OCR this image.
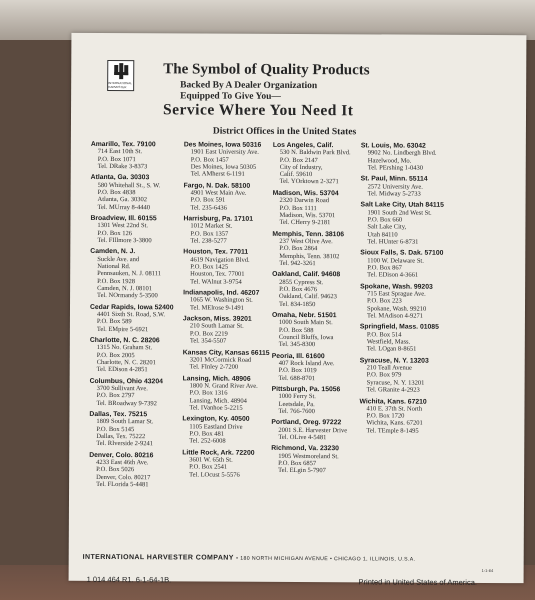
INTERNATIONAL HARVESTER
The Symbol of Quality Products
Backed By A Dealer Organization
Equipped To Give You—
Service Where You Need It
District Offices in the United States
Amarillo, Tex. 79100
714 East 10th St.
P.O. Box 1071
Tel. DRake 3-8373
Atlanta, Ga. 30303
580 Whitehall St., S. W.
P.O. Box 4838
Atlanta, Ga. 30302
Tel. MUrray 8-4440
Broadview, Ill. 60155
1301 West 22nd St.
P.O. Box 126
Tel. FIllmore 3-3800
Camden, N. J.
Suckle Ave. and
National Rd.
Pennsauken, N. J. 08111
P.O. Box 1928
Camden, N. J. 08101
Tel. NOrmandy 5-3500
Cedar Rapids, Iowa 52400
4401 Sixth St. Road, S.W.
P.O. Box 589
Tel. EMpire 5-6921
Charlotte, N. C. 28206
1315 No. Graham St.
P.O. Box 2005
Charlotte, N. C. 28201
Tel. EDison 4-2851
Columbus, Ohio 43204
3700 Sullivant Ave.
P.O. Box 2797
Tel. BRoadway 9-7392
Dallas, Tex. 75215
1809 South Lamar St.
P.O. Box 5145
Dallas, Tex. 75222
Tel. RIverside 2-9241
Denver, Colo. 80216
4233 East 46th Ave.
P.O. Box 5026
Denver, Colo. 80217
Tel. FLorida 5-4481
Des Moines, Iowa 50316
1901 East University Ave.
P.O. Box 1457
Des Moines, Iowa 50305
Tel. AMherst 6-1191
Fargo, N. Dak. 58100
4901 West Main Ave.
P.O. Box 591
Tel. 235-6436
Harrisburg, Pa. 17101
1012 Market St.
P.O. Box 1357
Tel. 238-5277
Houston, Tex. 77011
4619 Navigation Blvd.
P.O. Box 1425
Houston, Tex. 77001
Tel. WAlnut 3-9754
Indianapolis, Ind. 46207
1065 W. Washington St.
Tel. MElrose 9-1491
Jackson, Miss. 39201
210 South Lamar St.
P.O. Box 2219
Tel. 354-5507
Kansas City, Kansas 66115
3201 McCormick Road
Tel. FInley 2-7200
Lansing, Mich. 48906
1800 N. Grand River Ave.
P.O. Box 1316
Lansing, Mich. 48904
Tel. IVanhoe 5-2215
Lexington, Ky. 40500
1105 Eastland Drive
P.O. Box 481
Tel. 252-6008
Little Rock, Ark. 72200
3601 W. 65th St.
P.O. Box 2541
Tel. LOcust 5-5576
Los Angeles, Calif.
530 N. Baldwin Park Blvd.
P.O. Box 2147
City of Industry,
Calif. 59610
Tel. YOrktown 2-3271
Madison, Wis. 53704
2320 Darwin Road
P.O. Box 1111
Madison, Wis. 53701
Tel. CHerry 9-2181
Memphis, Tenn. 38106
237 West Olive Ave.
P.O. Box 2864
Memphis, Tenn. 38102
Tel. 942-3261
Oakland, Calif. 94608
2855 Cypress St.
P.O. Box 4676
Oakland, Calif. 94623
Tel. 834-1850
Omaha, Nebr. 51501
1000 South Main St.
P.O. Box 588
Council Bluffs, Iowa
Tel. 345-8300
Peoria, Ill. 61600
407 Rock Island Ave.
P.O. Box 1019
Tel. 688-8701
Pittsburgh, Pa. 15056
1000 Ferry St.
Leetsdale, Pa.
Tel. 766-7600
Portland, Oreg. 97222
2001 S.E. Harvester Drive
Tel. OLive 4-5481
Richmond, Va. 23230
1905 Westmoreland St.
P.O. Box 6857
Tel. ELgin 5-7907
St. Louis, Mo. 63042
9902 No. Lindbergh Blvd.
Hazelwood, Mo.
Tel. PErshing 1-0430
St. Paul, Minn. 55114
2572 University Ave.
Tel. Midway 5-2733
Salt Lake City, Utah 84115
1901 South 2nd West St.
P.O. Box 660
Salt Lake City,
Utah 84110
Tel. HUnter 6-8731
Sioux Falls, S. Dak. 57100
1100 W. Delaware St.
P.O. Box 867
Tel. EDison 4-3661
Spokane, Wash. 99203
715 East Sprague Ave.
P.O. Box 223
Spokane, Wash. 99210
Tel. MAdison 4-9271
Springfield, Mass. 01085
P.O. Box 514
Westfield, Mass.
Tel. LOgan 8-8651
Syracuse, N. Y. 13203
210 Teall Avenue
P.O. Box 979
Syracuse, N. Y. 13201
Tel. GRanite 4-2923
Wichita, Kans. 67210
410 E. 37th St. North
P.O. Box 1720
Wichita, Kans. 67201
Tel. TEmple 8-1495
INTERNATIONAL HARVESTER COMPANY • 180 NORTH MICHIGAN AVENUE • CHICAGO 1, ILLINOIS, U.S.A.
1-1-64
1 014 464 R1. 6-1-64-1B.	Printed in United States of America.
